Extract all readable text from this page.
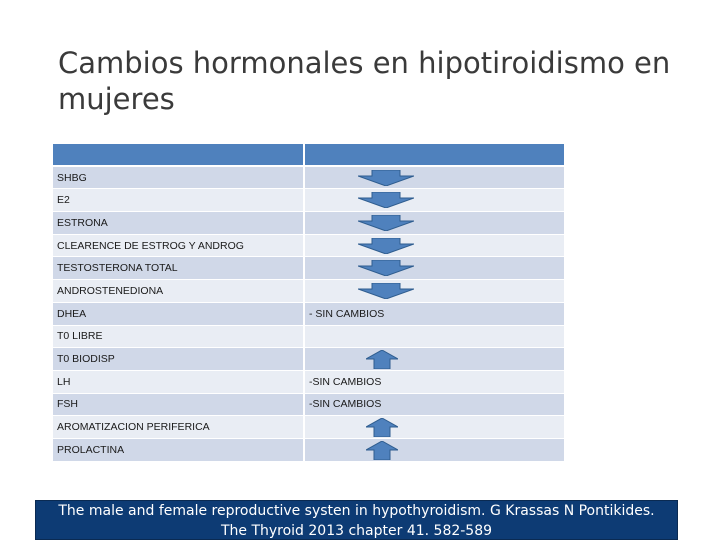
Cambios hormonales en hipotiroidismo en mujeres
SHBG
E2
ESTRONA
CLEARENCE DE ESTROG Y ANDROG
TESTOSTERONA TOTAL
ANDROSTENEDIONA
DHEA	- SIN CAMBIOS
T0 LIBRE
T0 BIODISP
LH	-SIN CAMBIOS
FSH	-SIN CAMBIOS
AROMATIZACION PERIFERICA
PROLACTINA
The male and female reproductive systen in hypothyroidism. G Krassas N Pontikides.
The Thyroid 2013 chapter 41. 582-589
